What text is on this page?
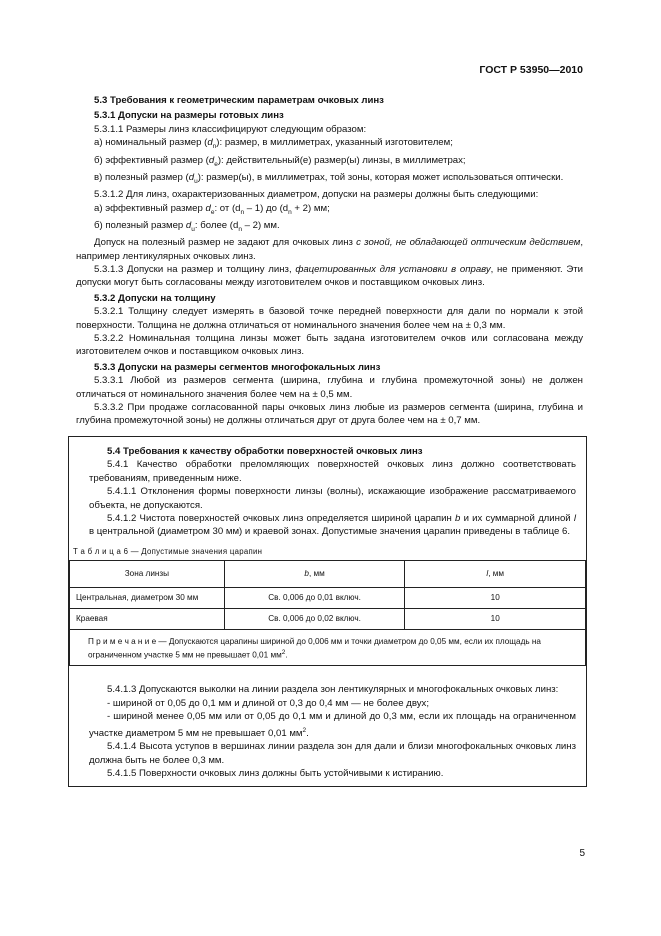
ГОСТ Р 53950—2010

5.3 Требования к геометрическим параметрам очковых линз

5.3.1 Допуски на размеры готовых линз

5.3.1.1 Размеры линз классифицируют следующим образом:

а) номинальный размер $(d_n)$: размер, в миллиметрах, указанный изготовителем;

б) эффективный размер $(d_e)$: действительный(е) размер(ы) линзы, в миллиметрах;

в) полезный размер $(d_u)$: размер(ы), в миллиметрах, той зоны, которая может использоваться оптически.

5.3.1.2 Для линз, охарактеризованных диаметром, допуски на размеры должны быть следующими:

а) эффективный размер $d_e$: от $(d_n - 1)$ до $(d_n + 2)$ мм;

б) полезный размер $d_u$: более $(d_n - 2)$ мм.

Допуск на полезный размер не задают для очковых линз с зоной, не обладающей оптическим действием, например лентикулярных очковых линз.

5.3.1.3 Допуски на размер и толщину линз, фацетированных для установки в оправу, не применяют. Эти допуски могут быть согласованы между изготовителем очков и поставщиком очковых линз.

5.3.2 Допуски на толщину

5.3.2.1 Толщину следует измерять в базовой точке передней поверхности для дали по нормали к этой поверхности. Толщина не должна отличаться от номинального значения более чем на ± 0,3 мм.

5.3.2.2 Номинальная толщина линзы может быть задана изготовителем очков или согласована между изготовителем очков и поставщиком очковых линз.

5.3.3 Допуски на размеры сегментов многофокальных линз

5.3.3.1 Любой из размеров сегмента (ширина, глубина и глубина промежуточной зоны) не должен отличаться от номинального значения более чем на ± 0,5 мм.

5.3.3.2 При продаже согласованной пары очковых линз любые из размеров сегмента (ширина, глубина и глубина промежуточной зоны) не должны отличаться друг от друга более чем на ± 0,7 мм.

5.4 Требования к качеству обработки поверхностей очковых линз

5.4.1 Качество обработки преломляющих поверхностей очковых линз должно соответствовать требованиям, приведенным ниже.

5.4.1.1 Отклонения формы поверхности линзы (волны), искажающие изображение рассматриваемого объекта, не допускаются.

5.4.1.2 Чистота поверхностей очковых линз определяется шириной царапин b и их суммарной длиной l в центральной (диаметром 30 мм) и краевой зонах. Допустимые значения царапин приведены в таблице 6.

Т а б л и ц а 6 — Допустимые значения царапин
Зона линзы	b, мм	l, мм
Центральная, диаметром 30 мм	Св. 0,006 до 0,01 включ.	10
Краевая	Св. 0,006 до 0,02 включ.	10
П р и м е ч а н и е — Допускаются царапины шириной до 0,006 мм и точки диаметром до 0,05 мм, если их площадь на ограниченном участке 5 мм не превышает 0,01 $мм^2$.		

5.4.1.3 Допускаются выколки на линии раздела зон лентикулярных и многофокальных очковых линз:

- шириной от 0,05 до 0,1 мм и длиной от 0,3 до 0,4 мм — не более двух;

- шириной менее 0,05 мм или от 0,05 до 0,1 мм и длиной до 0,3 мм, если их площадь на ограниченном участке диаметром 5 мм не превышает 0,01 $мм^2$.

5.4.1.4 Высота уступов в вершинах линии раздела зон для дали и близи многофокальных очковых линз должна быть не более 0,3 мм.

5.4.1.5 Поверхности очковых линз должны быть устойчивыми к истиранию.

5
